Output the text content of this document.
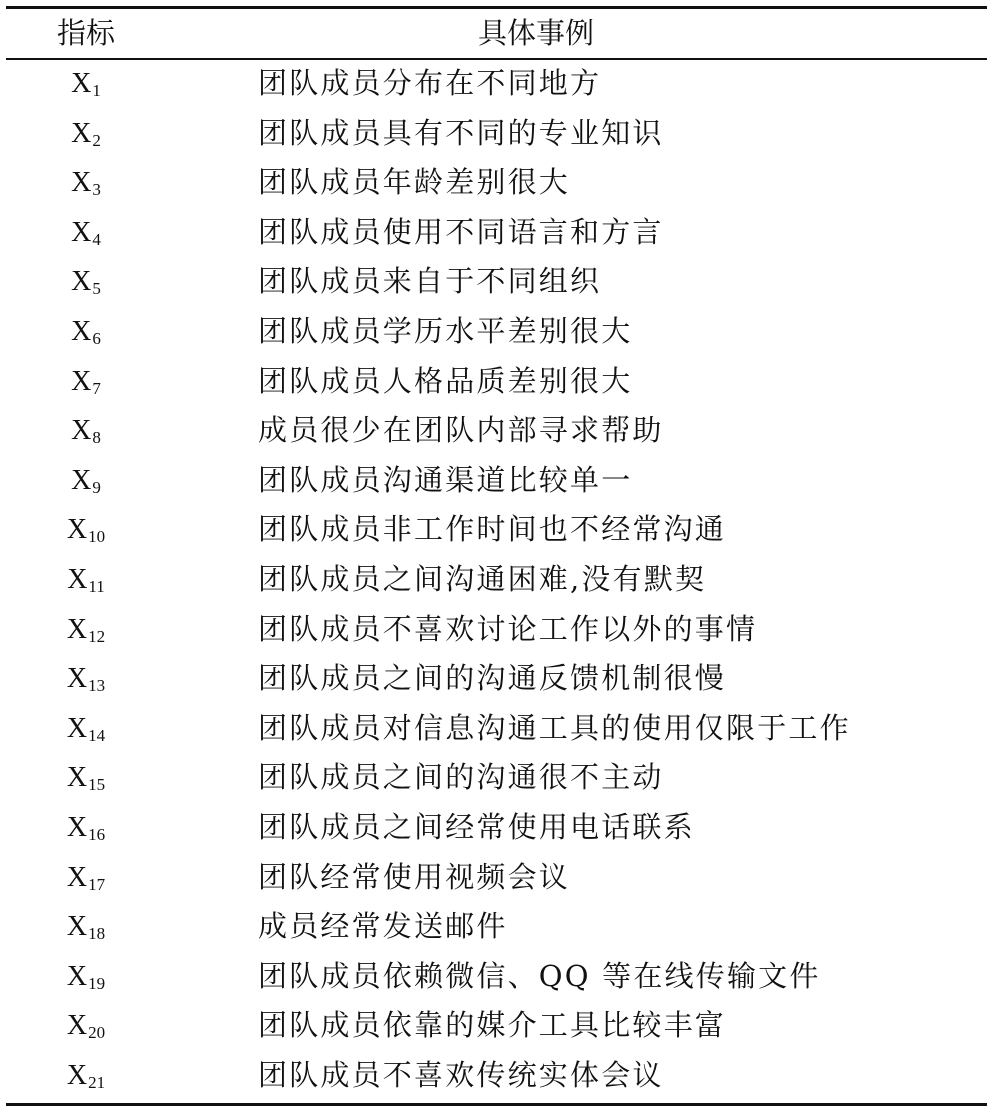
指标	具体事例
$X_1$	团队成员分布在不同地方
$X_2$	团队成员具有不同的专业知识
$X_3$	团队成员年龄差别很大
$X_4$	团队成员使用不同语言和方言
$X_5$	团队成员来自于不同组织
$X_6$	团队成员学历水平差别很大
$X_7$	团队成员人格品质差别很大
$X_8$	成员很少在团队内部寻求帮助
$X_9$	团队成员沟通渠道比较单一
$X_{10}$	团队成员非工作时间也不经常沟通
$X_{11}$	团队成员之间沟通困难,没有默契
$X_{12}$	团队成员不喜欢讨论工作以外的事情
$X_{13}$	团队成员之间的沟通反馈机制很慢
$X_{14}$	团队成员对信息沟通工具的使用仅限于工作
$X_{15}$	团队成员之间的沟通很不主动
$X_{16}$	团队成员之间经常使用电话联系
$X_{17}$	团队经常使用视频会议
$X_{18}$	成员经常发送邮件
$X_{19}$	团队成员依赖微信、QQ 等在线传输文件
$X_{20}$	团队成员依靠的媒介工具比较丰富
$X_{21}$	团队成员不喜欢传统实体会议
